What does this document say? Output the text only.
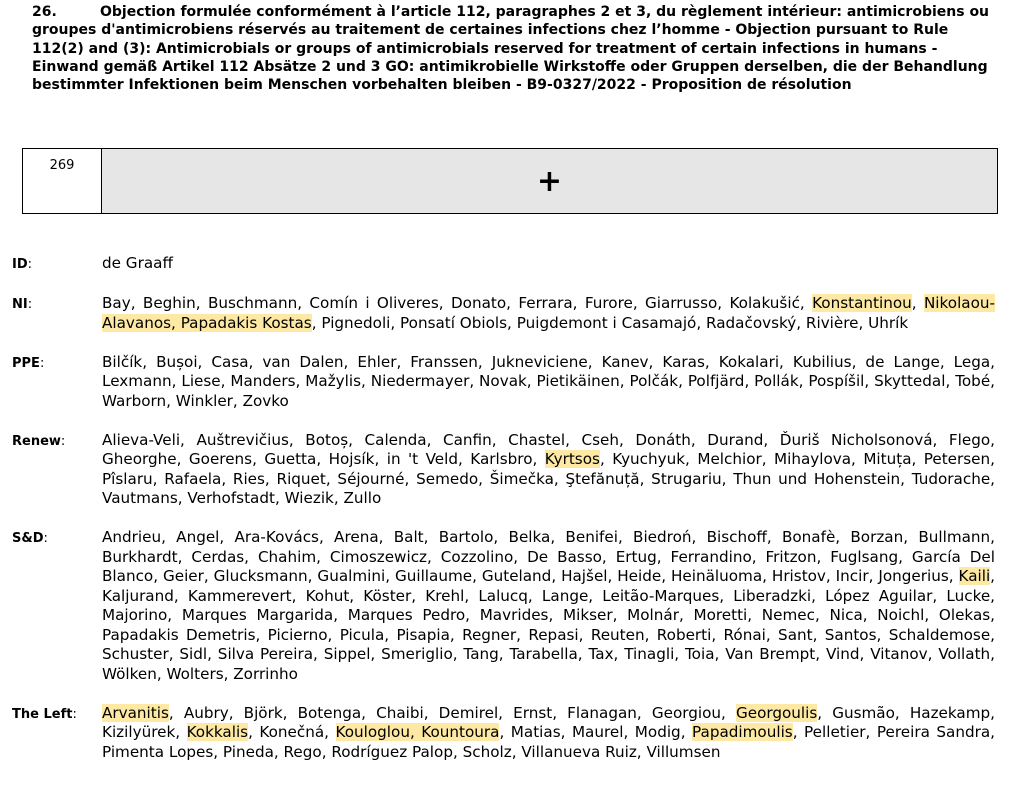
26.	Objection formulée conformément à l’article 112, paragraphes 2 et 3, du règlement intérieur: antimicrobiens ou groupes d'antimicrobiens réservés au traitement de certaines infections chez l’homme - Objection pursuant to Rule 112(2) and (3): Antimicrobials or groups of antimicrobials reserved for treatment of certain infections in humans - Einwand gemäß Artikel 112 Absätze 2 und 3 GO: antimikrobielle Wirkstoffe oder Gruppen derselben, die der Behandlung bestimmter Infektionen beim Menschen vorbehalten bleiben - B9-0327/2022 - Proposition de résolution
269	+
ID:	de Graaff
NI:	Bay, Beghin, Buschmann, Comín i Oliveres, Donato, Ferrara, Furore, Giarrusso, Kolakušić, Konstantinou, Nikolaou-Alavanos, Papadakis Kostas, Pignedoli, Ponsatí Obiols, Puigdemont i Casamajó, Radačovský, Rivière, Uhrík
PPE:	Bilčík, Bușoi, Casa, van Dalen, Ehler, Franssen, Jukneviciene, Kanev, Karas, Kokalari, Kubilius, de Lange, Lega, Lexmann, Liese, Manders, Mažylis, Niedermayer, Novak, Pietikäinen, Polčák, Polfjärd, Pollák, Pospíšil, Skyttedal, Tobé, Warborn, Winkler, Zovko
Renew:	Alieva-Veli, Auštrevičius, Botoș, Calenda, Canfin, Chastel, Cseh, Donáth, Durand, Ďuriš Nicholsonová, Flego, Gheorghe, Goerens, Guetta, Hojsík, in 't Veld, Karlsbro, Kyrtsos, Kyuchyuk, Melchior, Mihaylova, Mituța, Petersen, Pîslaru, Rafaela, Ries, Riquet, Séjourné, Semedo, Šimečka, Ştefănuță, Strugariu, Thun und Hohenstein, Tudorache, Vautmans, Verhofstadt, Wiezik, Zullo
S&D:	Andrieu, Angel, Ara-Kovács, Arena, Balt, Bartolo, Belka, Benifei, Biedroń, Bischoff, Bonafè, Borzan, Bullmann, Burkhardt, Cerdas, Chahim, Cimoszewicz, Cozzolino, De Basso, Ertug, Ferrandino, Fritzon, Fuglsang, García Del Blanco, Geier, Glucksmann, Gualmini, Guillaume, Guteland, Hajšel, Heide, Heinäluoma, Hristov, Incir, Jongerius, Kaili, Kaljurand, Kammerevert, Kohut, Köster, Krehl, Lalucq, Lange, Leitão-Marques, Liberadzki, López Aguilar, Lucke, Majorino, Marques Margarida, Marques Pedro, Mavrides, Mikser, Molnár, Moretti, Nemec, Nica, Noichl, Olekas, Papadakis Demetris, Picierno, Picula, Pisapia, Regner, Repasi, Reuten, Roberti, Rónai, Sant, Santos, Schaldemose, Schuster, Sidl, Silva Pereira, Sippel, Smeriglio, Tang, Tarabella, Tax, Tinagli, Toia, Van Brempt, Vind, Vitanov, Vollath, Wölken, Wolters, Zorrinho
The Left:	Arvanitis, Aubry, Björk, Botenga, Chaibi, Demirel, Ernst, Flanagan, Georgiou, Georgoulis, Gusmão, Hazekamp, Kizilyürek, Kokkalis, Konečná, Kouloglou, Kountoura, Matias, Maurel, Modig, Papadimoulis, Pelletier, Pereira Sandra, Pimenta Lopes, Pineda, Rego, Rodríguez Palop, Scholz, Villanueva Ruiz, Villumsen
